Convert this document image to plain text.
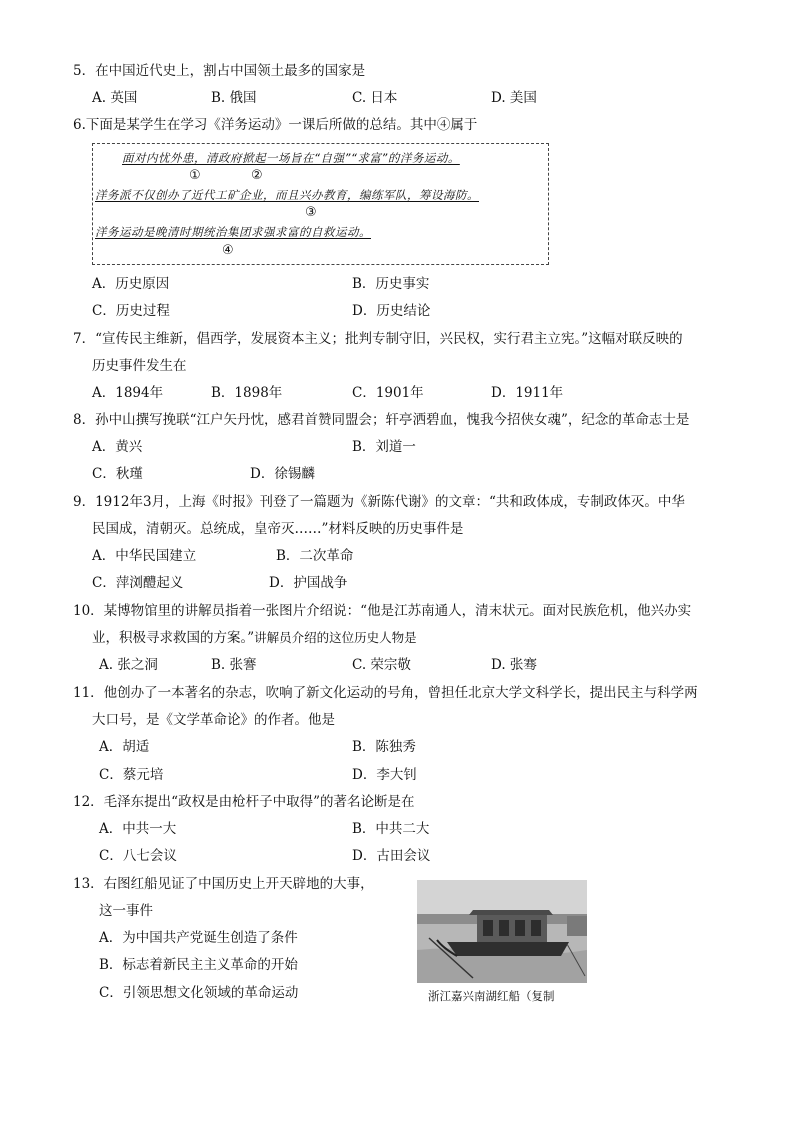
5．在中国近代史上，割占中国领土最多的国家是
A. 英国	B. 俄国	C. 日本	D. 美国
6.下面是某学生在学习《洋务运动》一课后所做的总结。其中④属于
面对内忧外患，清政府掀起一场旨在“自强”“求富”的洋务运动。
①	②
洋务派不仅创办了近代工矿企业，而且兴办教育，编练军队，筹设海防。
③
洋务运动是晚清时期统治集团求强求富的自救运动。
④
A．历史原因	B．历史事实
C．历史过程	D．历史结论
7．“宣传民主维新，倡西学，发展资本主义；批判专制守旧，兴民权，实行君主立宪。”这幅对联反映的
历史事件发生在
A．1894年	B．1898年	C．1901年	D．1911年
8．孙中山撰写挽联“江户矢丹忱，感君首赞同盟会；轩亭洒碧血，愧我今招侠女魂”，纪念的革命志士是
A．黄兴	B．刘道一
C．秋瑾	D．徐锡麟
9．1912年3月，上海《时报》刊登了一篇题为《新陈代谢》的文章：“共和政体成，专制政体灭。中华
民国成，清朝灭。总统成，皇帝灭……”材料反映的历史事件是
A．中华民国建立	B．二次革命
C．萍浏醴起义	D．护国战争
10．某博物馆里的讲解员指着一张图片介绍说：“他是江苏南通人，清末状元。面对民族危机，他兴办实
业，积极寻求救国的方案。”讲解员介绍的这位历史人物是
A. 张之洞	B. 张謇	C. 荣宗敬	D. 张骞
11．他创办了一本著名的杂志，吹响了新文化运动的号角，曾担任北京大学文科学长，提出民主与科学两
大口号，是《文学革命论》的作者。他是
A．胡适	B．陈独秀
C．蔡元培	D．李大钊
12．毛泽东提出“政权是由枪杆子中取得”的著名论断是在
A．中共一大	B．中共二大
C．八七会议	D．古田会议
13．右图红船见证了中国历史上开天辟地的大事，
这一事件
A．为中国共产党诞生创造了条件
B．标志着新民主主义革命的开始
C．引领思想文化领域的革命运动	浙江嘉兴南湖红船（复制
